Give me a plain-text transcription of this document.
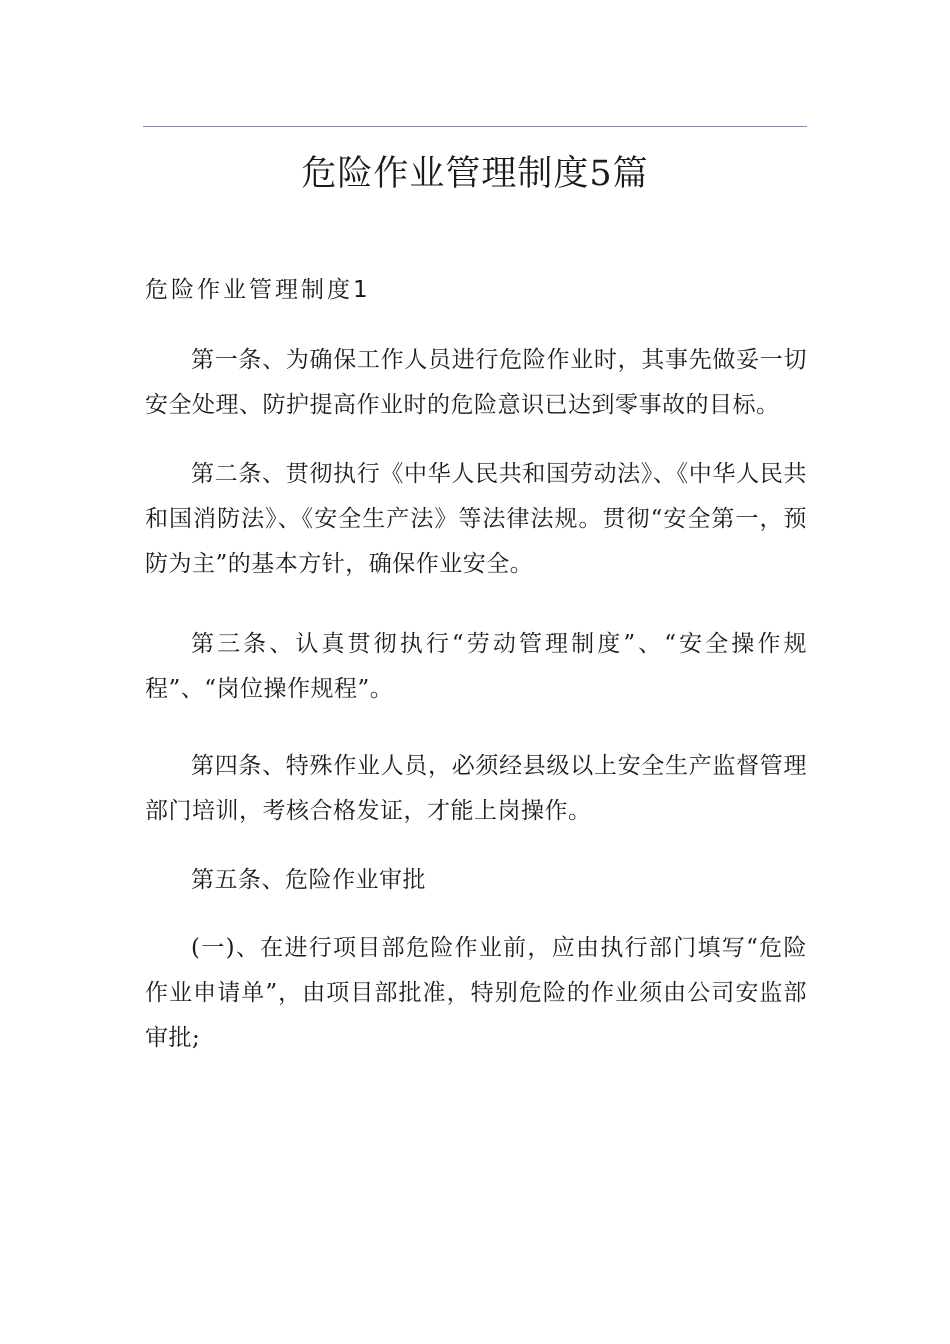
危险作业管理制度5篇
危险作业管理制度1

第一条、为确保工作人员进行危险作业时，其事先做妥一切安全处理、防护提高作业时的危险意识已达到零事故的目标。

第二条、贯彻执行《中华人民共和国劳动法》、《中华人民共和国消防法》、《安全生产法》等法律法规。贯彻“安全第一，预防为主”的基本方针，确保作业安全。

第三条、认真贯彻执行“劳动管理制度”、“安全操作规程”、“岗位操作规程”。

第四条、特殊作业人员，必须经县级以上安全生产监督管理部门培训，考核合格发证，才能上岗操作。

第五条、危险作业审批

(一)、在进行项目部危险作业前，应由执行部门填写“危险作业申请单”，由项目部批准，特别危险的作业须由公司安监部审批;
